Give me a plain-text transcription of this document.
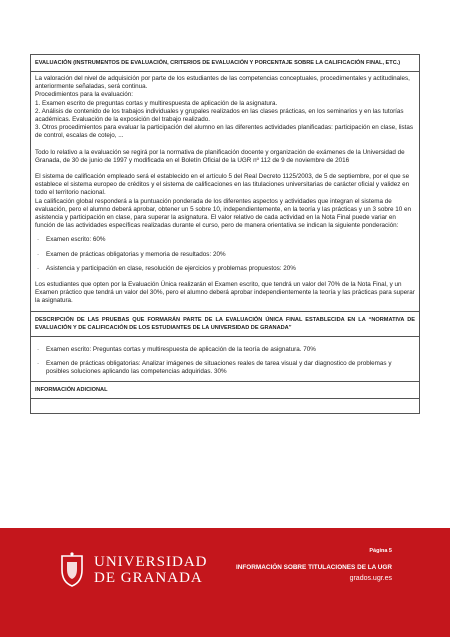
EVALUACIÓN (INSTRUMENTOS DE EVALUACIÓN, CRITERIOS DE EVALUACIÓN Y PORCENTAJE SOBRE LA CALIFICACIÓN FINAL, ETC.)

La valoración del nivel de adquisición por parte de los estudiantes de las competencias conceptuales, procedimentales y actitudinales, anteriormente señaladas, será continua.

Procedimientos para la evaluación:

1. Examen escrito de preguntas cortas y multirespuesta de aplicación de la asignatura.

2. Análisis de contenido de los trabajos individuales y grupales realizados en las clases prácticas, en los seminarios y en las tutorías académicas. Evaluación de la exposición del trabajo realizado.

3. Otros procedimientos para evaluar la participación del alumno en las diferentes actividades planificadas: participación en clase, listas de control, escalas de cotejo, ...

Todo lo relativo a la evaluación se regirá por la normativa de planificación docente y organización de exámenes de la Universidad de Granada, de 30 de junio de 1997 y modificada en el Boletín Oficial de la UGR nº 112 de 9 de noviembre de 2016

El sistema de calificación empleado será el establecido en el artículo 5 del Real Decreto 1125/2003, de 5 de septiembre, por el que se establece el sistema europeo de créditos y el sistema de calificaciones en las titulaciones universitarias de carácter oficial y validez en todo el territorio nacional.

La calificación global responderá a la puntuación ponderada de los diferentes aspectos y actividades que integran el sistema de evaluación, pero el alumno deberá aprobar, obtener un 5 sobre 10, independientemente, en la teoría y las prácticas y un 3 sobre 10 en asistencia y participación en clase, para superar la asignatura. El valor relativo de cada actividad en la Nota Final puede variar en función de las actividades específicas realizadas durante el curso, pero de manera orientativa se indican la siguiente ponderación:

·	Examen escrito: 60%
·	Examen de prácticas obligatorias y memoria de resultados: 20%
·	Asistencia y participación en clase, resolución de ejercicios y problemas propuestos: 20%

Los estudiantes que opten por la Evaluación Única realizarán el Examen escrito, que tendrá un valor del 70% de la Nota Final, y un Examen práctico que tendrá un valor del 30%, pero el alumno deberá aprobar independientemente la teoría y las prácticas para superar la asignatura.

DESCRIPCIÓN DE LAS PRUEBAS QUE FORMARÁN PARTE DE LA EVALUACIÓN ÚNICA FINAL ESTABLECIDA EN LA “NORMATIVA DE EVALUACIÓN Y DE CALIFICACIÓN DE LOS ESTUDIANTES DE LA UNIVERSIDAD DE GRANADA”
·	Examen escrito: Preguntas cortas y multirespuesta de aplicación de la teoría de asignatura. 70%
·	Examen de prácticas obligatorias: Analizar imágenes de situaciones reales de tarea visual y dar diagnostico de problemas y posibles soluciones aplicando las competencias adquiridas. 30%
INFORMACIÓN ADICIONAL
UNIVERSIDAD
DE GRANADA
Página 5
INFORMACIÓN SOBRE TITULACIONES DE LA UGR
grados.ugr.es
